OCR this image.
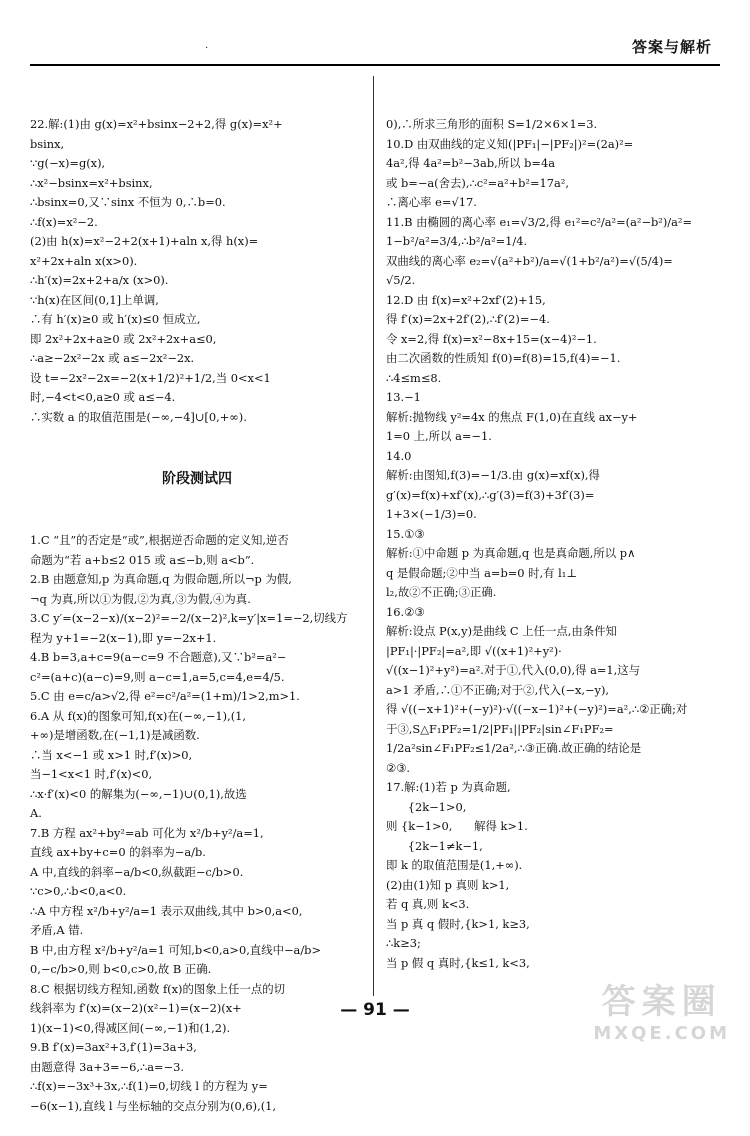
.	答案与解析

22.解:(1)由 g(x)=x²+bsinx−2+2,得 g(x)=x²+
bsinx,
∵g(−x)=g(x),
∴x²−bsinx=x²+bsinx,
∴bsinx=0,又∵sinx 不恒为 0,∴b=0.
∴f(x)=x²−2.
(2)由 h(x)=x²−2+2(x+1)+aln x,得 h(x)=
x²+2x+aln x(x>0).
∴h′(x)=2x+2+a/x (x>0).
∵h(x)在区间(0,1]上单调,
∴有 h′(x)≥0 或 h′(x)≤0 恒成立,
即 2x²+2x+a≥0 或 2x²+2x+a≤0,
∴a≥−2x²−2x 或 a≤−2x²−2x.
设 t=−2x²−2x=−2(x+1/2)²+1/2,当 0<x<1
时,−4<t<0,a≥0 或 a≤−4.
∴实数 a 的取值范围是(−∞,−4]∪[0,+∞).

阶段测试四

1.C “且”的否定是“或”,根据逆否命题的定义知,逆否
命题为“若 a+b≤2 015 或 a≤−b,则 a<b”.
2.B 由题意知,p 为真命题,q 为假命题,所以¬p 为假,
¬q 为真,所以①为假,②为真,③为假,④为真.
3.C y′=(x−2−x)/(x−2)²=−2/(x−2)²,k=y′|x=1=−2,切线方
程为 y+1=−2(x−1),即 y=−2x+1.
4.B b=3,a+c=9(a−c=9 不合题意),又∵b²=a²−
c²=(a+c)(a−c)=9,则 a−c=1,a=5,c=4,e=4/5.
5.C 由 e=c/a>√2,得 e²=c²/a²=(1+m)/1>2,m>1.
6.A 从 f(x)的图象可知,f(x)在(−∞,−1),(1,
+∞)是增函数,在(−1,1)是减函数.
∴当 x<−1 或 x>1 时,f′(x)>0,
当−1<x<1 时,f′(x)<0,
∴x·f′(x)<0 的解集为(−∞,−1)∪(0,1),故选
A.
7.B 方程 ax²+by²=ab 可化为 x²/b+y²/a=1,
直线 ax+by+c=0 的斜率为−a/b.
A 中,直线的斜率−a/b<0,纵截距−c/b>0.
∵c>0,∴b<0,a<0.
∴A 中方程 x²/b+y²/a=1 表示双曲线,其中 b>0,a<0,
矛盾,A 错.
B 中,由方程 x²/b+y²/a=1 可知,b<0,a>0,直线中−a/b>
0,−c/b>0,则 b<0,c>0,故 B 正确.
8.C 根据切线方程知,函数 f(x)的图象上任一点的切
线斜率为 f′(x)=(x−2)(x²−1)=(x−2)(x+
1)(x−1)<0,得减区间(−∞,−1)和(1,2).
9.B f′(x)=3ax²+3,f′(1)=3a+3,
由题意得 3a+3=−6,∴a=−3.
∴f(x)=−3x³+3x,∴f(1)=0,切线 l 的方程为 y=
−6(x−1),直线 l 与坐标轴的交点分别为(0,6),(1,

0),∴所求三角形的面积 S=1/2×6×1=3.
10.D 由双曲线的定义知(|PF₁|−|PF₂|)²=(2a)²=
4a²,得 4a²=b²−3ab,所以 b=4a
或 b=−a(舍去),∴c²=a²+b²=17a²,
∴离心率 e=√17.
11.B 由椭圆的离心率 e₁=√3/2,得 e₁²=c²/a²=(a²−b²)/a²=
1−b²/a²=3/4,∴b²/a²=1/4.
双曲线的离心率 e₂=√(a²+b²)/a=√(1+b²/a²)=√(5/4)=
√5/2.
12.D 由 f(x)=x²+2xf′(2)+15,
得 f′(x)=2x+2f′(2),∴f′(2)=−4.
令 x=2,得 f(x)=x²−8x+15=(x−4)²−1.
由二次函数的性质知 f(0)=f(8)=15,f(4)=−1.
∴4≤m≤8.
13.−1
解析:抛物线 y²=4x 的焦点 F(1,0)在直线 ax−y+
1=0 上,所以 a=−1.
14.0
解析:由图知,f(3)=−1/3.由 g(x)=xf(x),得
g′(x)=f(x)+xf′(x),∴g′(3)=f(3)+3f′(3)=
1+3×(−1/3)=0.
15.①③
解析:①中命题 p 为真命题,q 也是真命题,所以 p∧
q 是假命题;②中当 a=b=0 时,有 l₁⊥
l₂,故②不正确;③正确.
16.②③
解析:设点 P(x,y)是曲线 C 上任一点,由条件知
|PF₁|·|PF₂|=a²,即 √((x+1)²+y²)·
√((x−1)²+y²)=a².对于①,代入(0,0),得 a=1,这与
a>1 矛盾,∴①不正确;对于②,代入(−x,−y),
得 √((−x+1)²+(−y)²)·√((−x−1)²+(−y)²)=a²,∴②正确;对
于③,S△F₁PF₂=1/2|PF₁||PF₂|sin∠F₁PF₂=
1/2a²sin∠F₁PF₂≤1/2a²,∴③正确.故正确的结论是
②③.
17.解:(1)若 p 为真命题,
{2k−1>0,
则 {k−1>0,      解得 k>1.
{2k−1≠k−1,
即 k 的取值范围是(1,+∞).
(2)由(1)知 p 真则 k>1,
若 q 真,则 k<3.
当 p 真 q 假时,{k>1, k≥3,
∴k≥3;
当 p 假 q 真时,{k≤1, k<3,

— 91 —	答案圈
MXQE.COM
